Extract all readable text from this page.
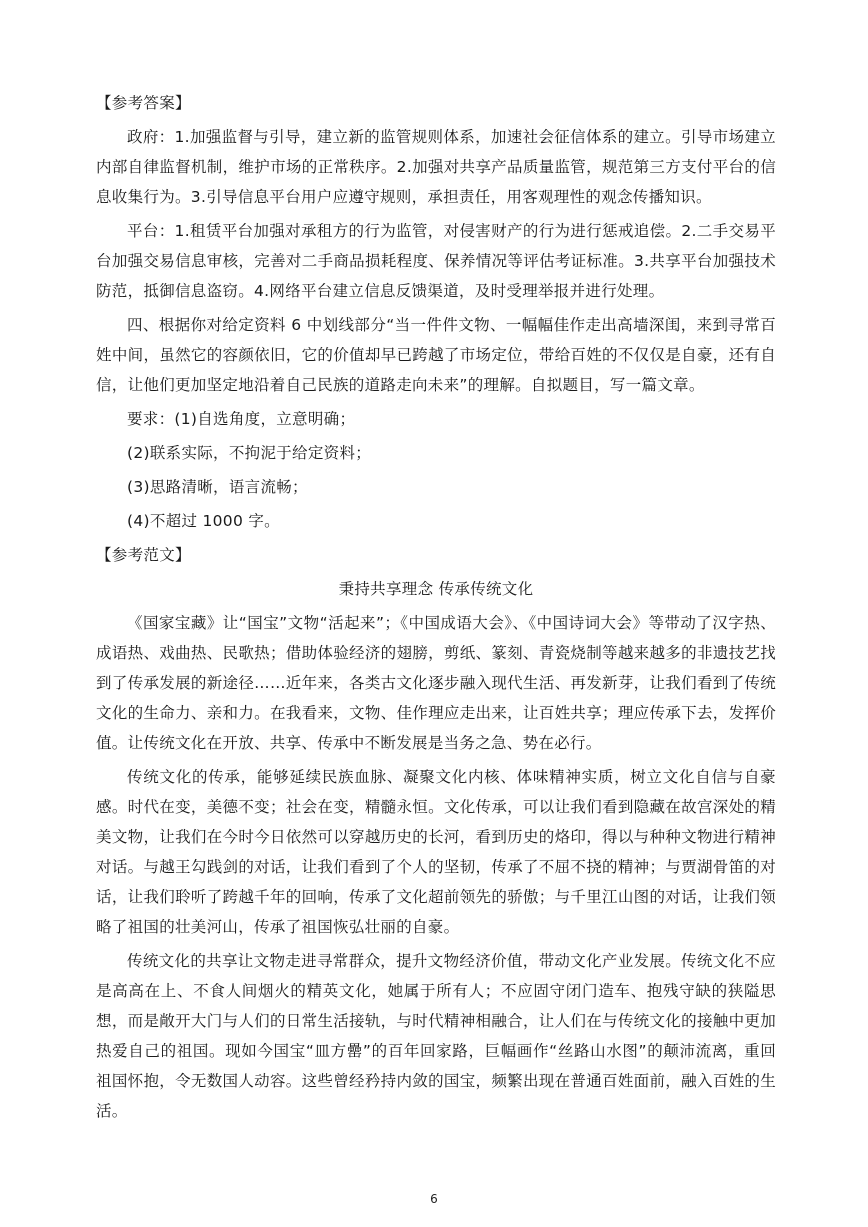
【参考答案】

政府：1.加强监督与引导，建立新的监管规则体系，加速社会征信体系的建立。引导市场建立内部自律监督机制，维护市场的正常秩序。2.加强对共享产品质量监管，规范第三方支付平台的信息收集行为。3.引导信息平台用户应遵守规则，承担责任，用客观理性的观念传播知识。

平台：1.租赁平台加强对承租方的行为监管，对侵害财产的行为进行惩戒追偿。2.二手交易平台加强交易信息审核，完善对二手商品损耗程度、保养情况等评估考证标准。3.共享平台加强技术防范，抵御信息盗窃。4.网络平台建立信息反馈渠道，及时受理举报并进行处理。

四、根据你对给定资料 6 中划线部分“当一件件文物、一幅幅佳作走出高墙深闺，来到寻常百姓中间，虽然它的容颜依旧，它的价值却早已跨越了市场定位，带给百姓的不仅仅是自豪，还有自信，让他们更加坚定地沿着自己民族的道路走向未来”的理解。自拟题目，写一篇文章。

要求：(1)自选角度，立意明确；

(2)联系实际，不拘泥于给定资料；

(3)思路清晰，语言流畅；

(4)不超过 1000 字。

【参考范文】

秉持共享理念 传承传统文化

《国家宝藏》让“国宝”文物“活起来”；《中国成语大会》、《中国诗词大会》等带动了汉字热、成语热、戏曲热、民歌热；借助体验经济的翅膀，剪纸、篆刻、青瓷烧制等越来越多的非遗技艺找到了传承发展的新途径……近年来，各类古文化逐步融入现代生活、再发新芽，让我们看到了传统文化的生命力、亲和力。在我看来，文物、佳作理应走出来，让百姓共享；理应传承下去，发挥价值。让传统文化在开放、共享、传承中不断发展是当务之急、势在必行。

传统文化的传承，能够延续民族血脉、凝聚文化内核、体味精神实质，树立文化自信与自豪感。时代在变，美德不变；社会在变，精髓永恒。文化传承，可以让我们看到隐藏在故宫深处的精美文物，让我们在今时今日依然可以穿越历史的长河，看到历史的烙印，得以与种种文物进行精神对话。与越王勾践剑的对话，让我们看到了个人的坚韧，传承了不屈不挠的精神；与贾湖骨笛的对话，让我们聆听了跨越千年的回响，传承了文化超前领先的骄傲；与千里江山图的对话，让我们领略了祖国的壮美河山，传承了祖国恢弘壮丽的自豪。

传统文化的共享让文物走进寻常群众，提升文物经济价值，带动文化产业发展。传统文化不应是高高在上、不食人间烟火的精英文化，她属于所有人；不应固守闭门造车、抱残守缺的狭隘思想，而是敞开大门与人们的日常生活接轨，与时代精神相融合，让人们在与传统文化的接触中更加热爱自己的祖国。现如今国宝“皿方罍”的百年回家路，巨幅画作“丝路山水图”的颠沛流离，重回祖国怀抱，令无数国人动容。这些曾经矜持内敛的国宝，频繁出现在普通百姓面前，融入百姓的生活。

6
